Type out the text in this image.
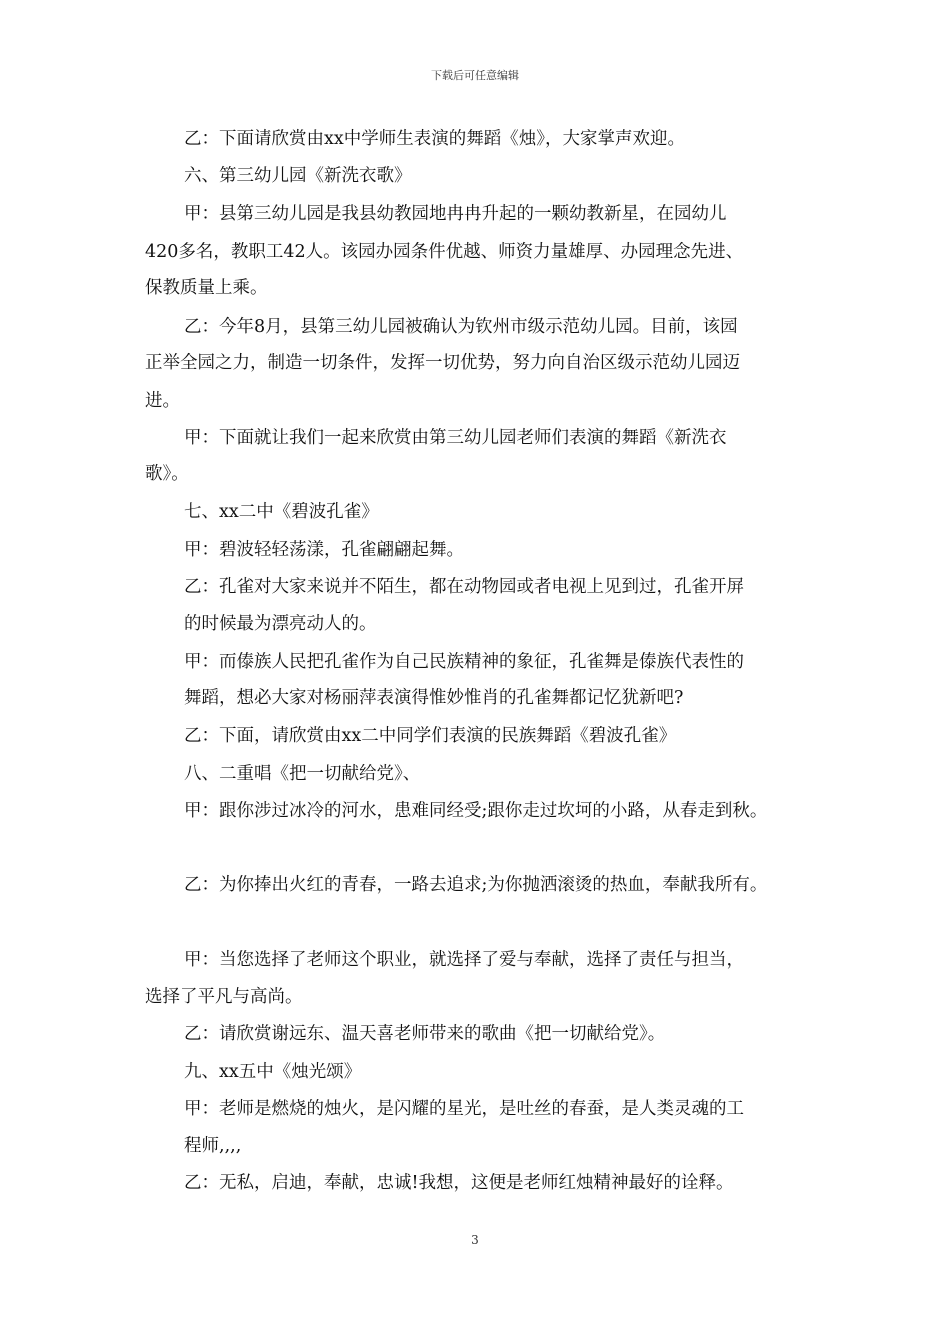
下载后可任意编辑
乙：下面请欣赏由xx中学师生表演的舞蹈《烛》，大家掌声欢迎。
六、第三幼儿园《新洗衣歌》
甲：县第三幼儿园是我县幼教园地冉冉升起的一颗幼教新星，在园幼儿
420多名，教职工42人。该园办园条件优越、师资力量雄厚、办园理念先进、
保教质量上乘。
乙：今年8月，县第三幼儿园被确认为钦州市级示范幼儿园。目前，该园
正举全园之力，制造一切条件，发挥一切优势，努力向自治区级示范幼儿园迈
进。
甲：下面就让我们一起来欣赏由第三幼儿园老师们表演的舞蹈《新洗衣
歌》。
七、xx二中《碧波孔雀》
甲：碧波轻轻荡漾，孔雀翩翩起舞。
乙：孔雀对大家来说并不陌生，都在动物园或者电视上见到过，孔雀开屏
的时候最为漂亮动人的。
甲：而傣族人民把孔雀作为自己民族精神的象征，孔雀舞是傣族代表性的
舞蹈，想必大家对杨丽萍表演得惟妙惟肖的孔雀舞都记忆犹新吧?
乙：下面，请欣赏由xx二中同学们表演的民族舞蹈《碧波孔雀》
八、二重唱《把一切献给党》、
甲：跟你涉过冰冷的河水，患难同经受;跟你走过坎坷的小路，从春走到秋。
乙：为你捧出火红的青春，一路去追求;为你抛洒滚烫的热血，奉献我所有。
甲：当您选择了老师这个职业，就选择了爱与奉献，选择了责任与担当，
选择了平凡与高尚。
乙：请欣赏谢远东、温天喜老师带来的歌曲《把一切献给党》。
九、xx五中《烛光颂》
甲：老师是燃烧的烛火，是闪耀的星光，是吐丝的春蚕，是人类灵魂的工
程师,,,,
乙：无私，启迪，奉献，忠诚!我想，这便是老师红烛精神最好的诠释。
3
